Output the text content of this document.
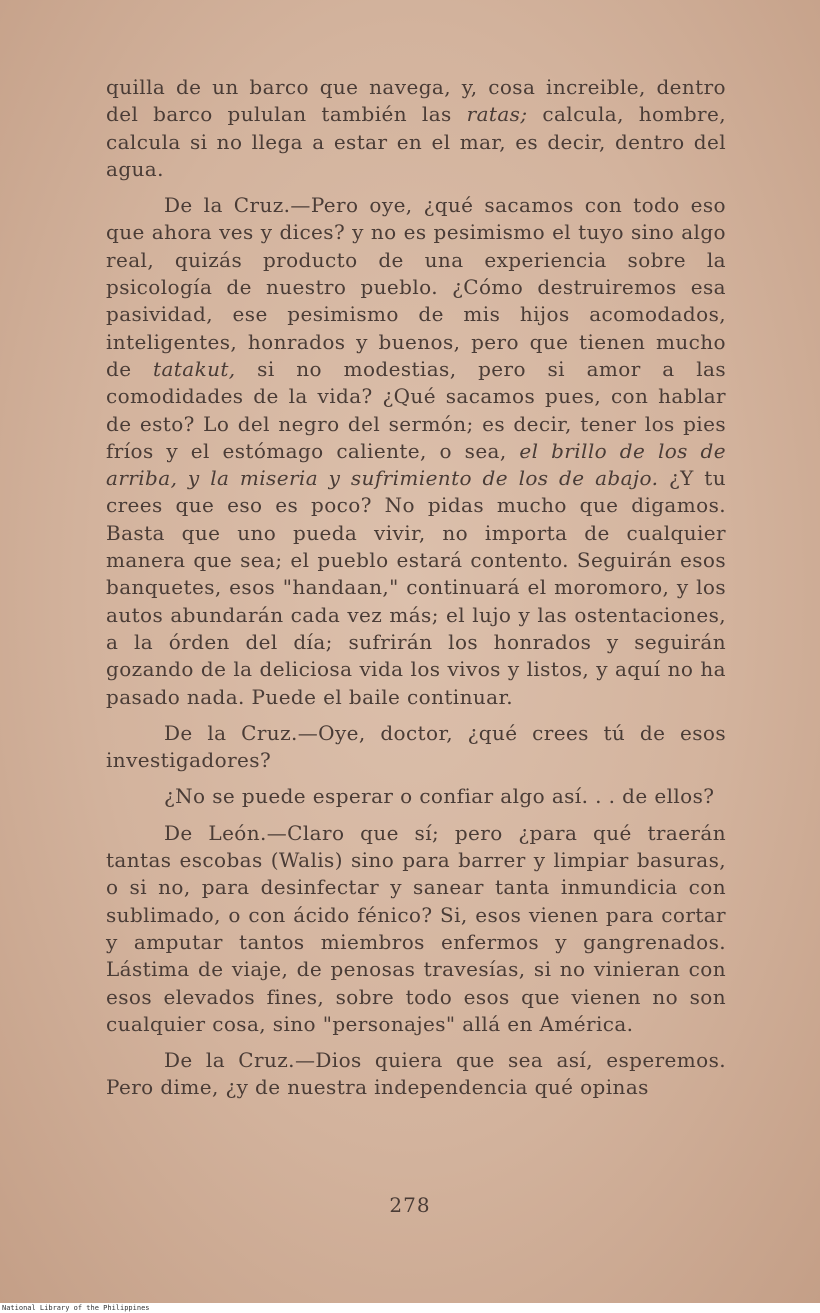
quilla de un barco que navega, y, cosa increible, dentro del barco pululan también las ratas; calcula, hombre, calcula si no llega a estar en el mar, es decir, dentro del agua.

De la Cruz.—Pero oye, ¿qué sacamos con todo eso que ahora ves y dices? y no es pesimismo el tuyo sino algo real, quizás producto de una experiencia sobre la psicología de nuestro pueblo. ¿Cómo destruiremos esa pasividad, ese pesimismo de mis hijos acomodados, inteligentes, honrados y buenos, pero que tienen mucho de tatakut, si no modestias, pero si amor a las comodidades de la vida? ¿Qué sacamos pues, con hablar de esto? Lo del negro del sermón; es decir, tener los pies fríos y el estómago caliente, o sea, el brillo de los de arriba, y la miseria y sufrimiento de los de abajo. ¿Y tu crees que eso es poco? No pidas mucho que digamos. Basta que uno pueda vivir, no importa de cualquier manera que sea; el pueblo estará contento. Seguirán esos banquetes, esos "handaan," continuará el moromoro, y los autos abundarán cada vez más; el lujo y las ostentaciones, a la órden del día; sufrirán los honrados y seguirán gozando de la deliciosa vida los vivos y listos, y aquí no ha pasado nada. Puede el baile continuar.

De la Cruz.—Oye, doctor, ¿qué crees tú de esos investigadores?

¿No se puede esperar o confiar algo así. . . de ellos?

De León.—Claro que sí; pero ¿para qué traerán tantas escobas (Walis) sino para barrer y limpiar basuras, o si no, para desinfectar y sanear tanta inmundicia con sublimado, o con ácido fénico? Si, esos vienen para cortar y amputar tantos miembros enfermos y gangrenados. Lástima de viaje, de penosas travesías, si no vinieran con esos elevados fines, sobre todo esos que vienen no son cualquier cosa, sino "personajes" allá en América.

De la Cruz.—Dios quiera que sea así, esperemos. Pero dime, ¿y de nuestra independencia qué opinas

278
National Library of the Philippines
